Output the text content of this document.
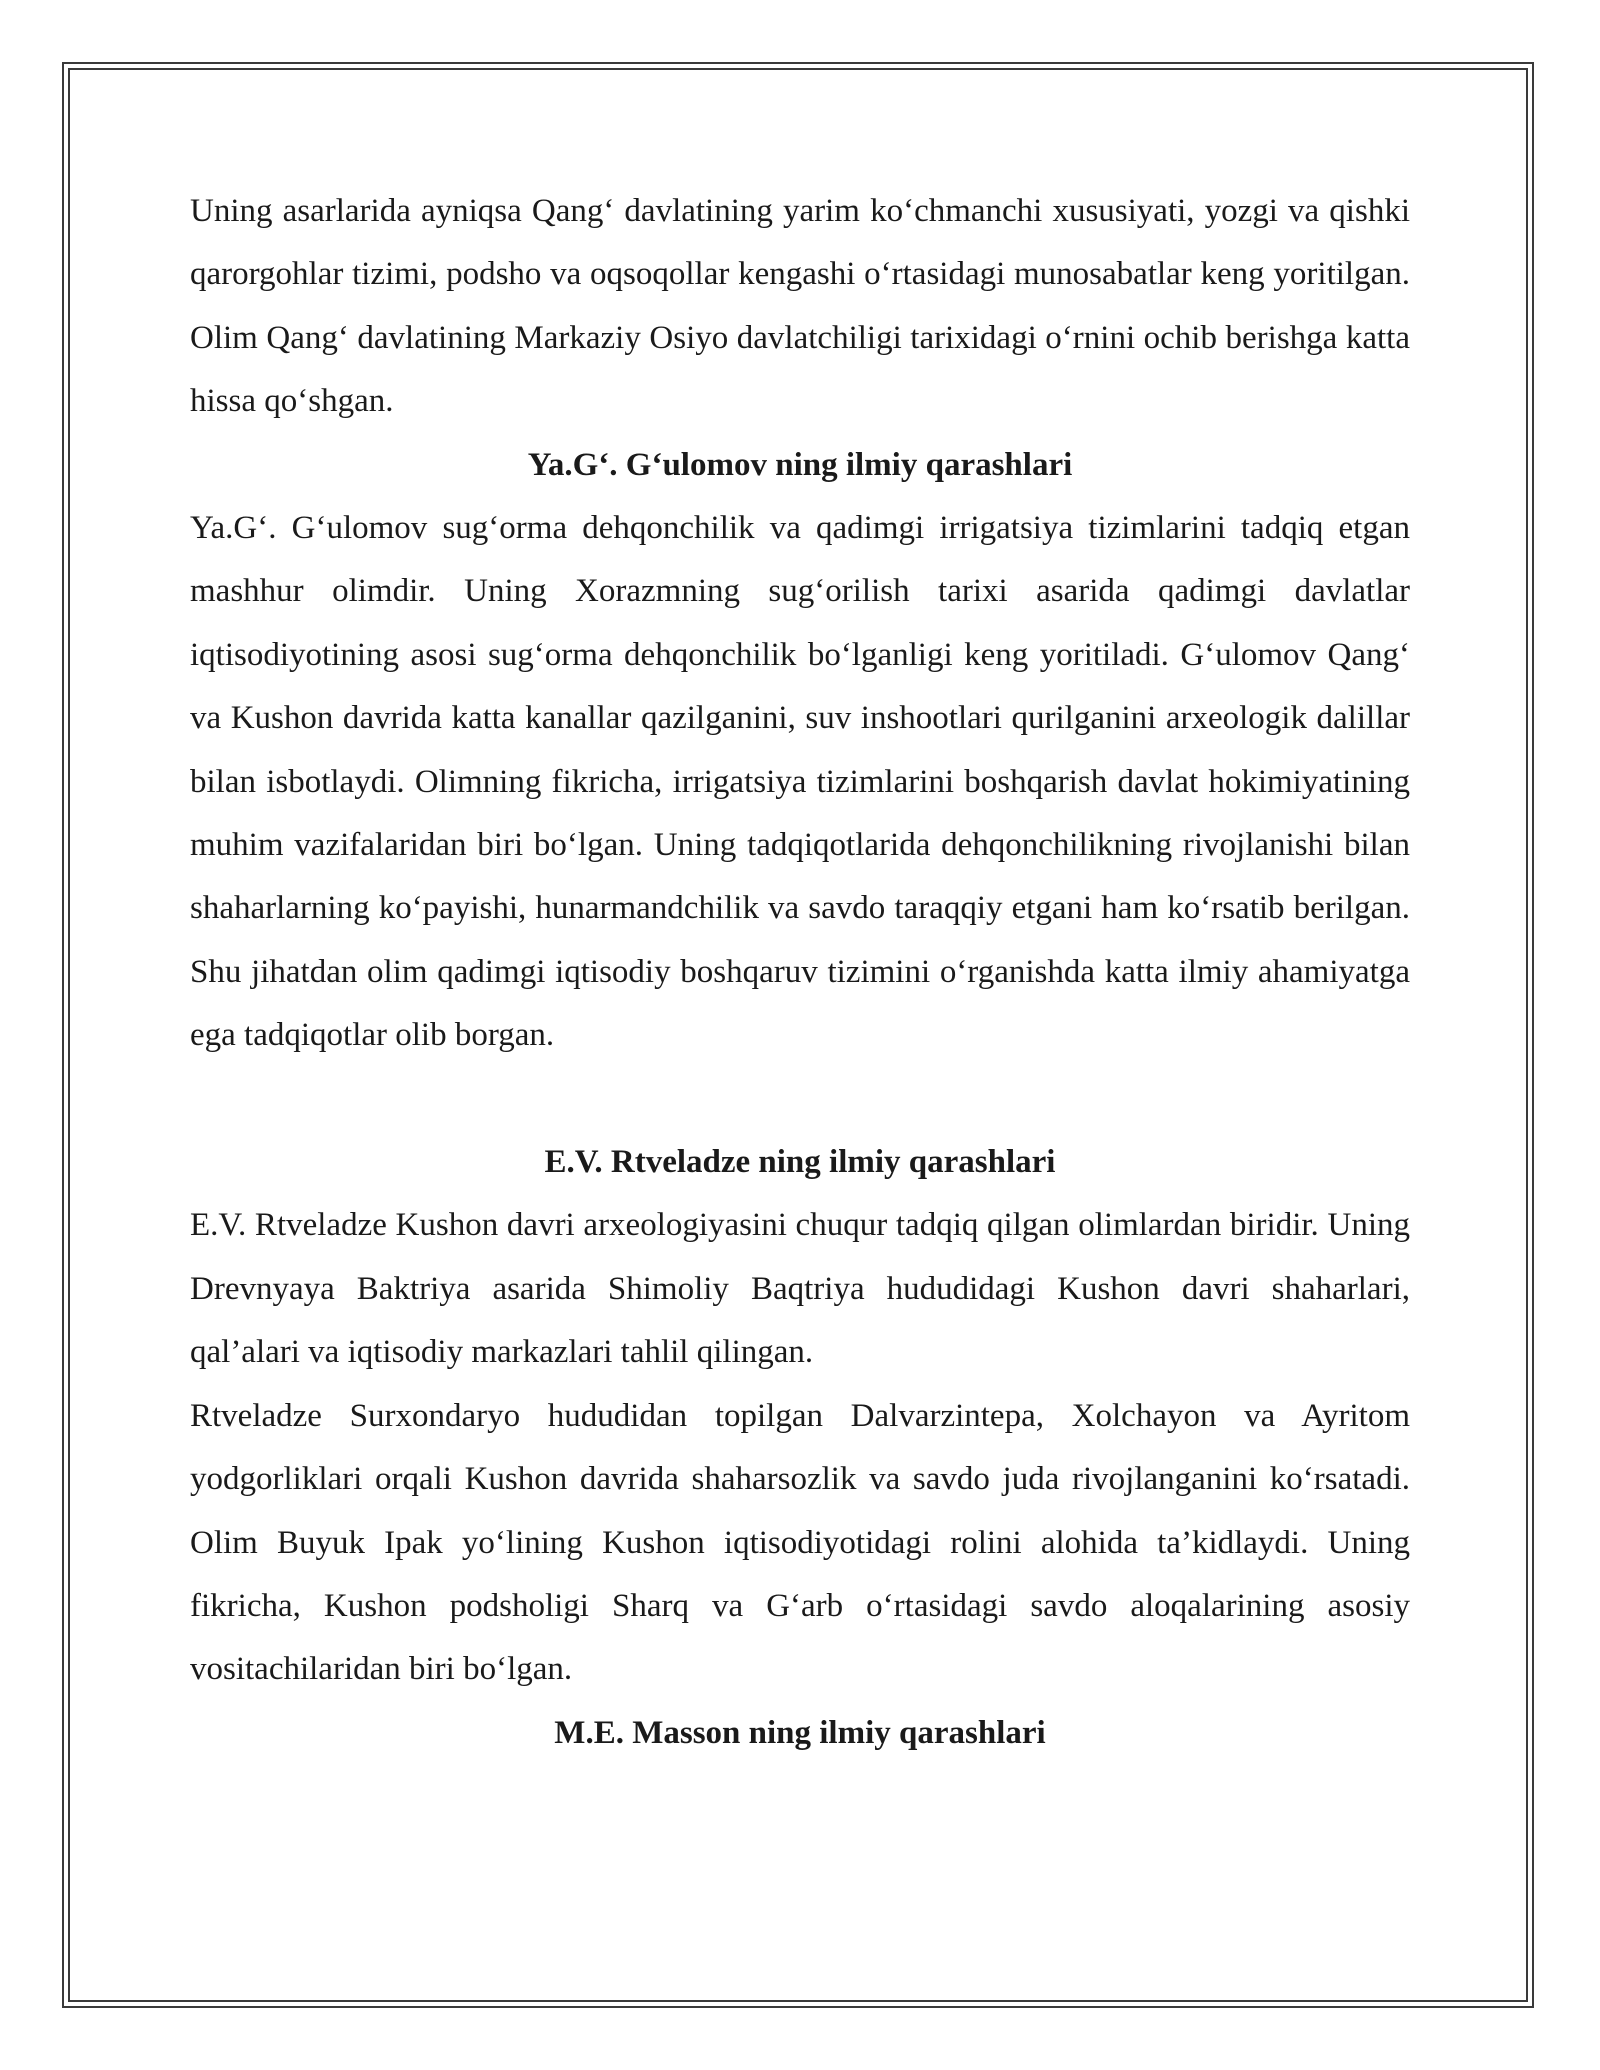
Uning asarlarida ayniqsa Qang‘ davlatining yarim ko‘chmanchi xususiyati, yozgi va qishki qarorgohlar tizimi, podsho va oqsoqollar kengashi o‘rtasidagi munosabatlar keng yoritilgan. Olim Qang‘ davlatining Markaziy Osiyo davlatchiligi tarixidagi o‘rnini ochib berishga katta hissa qo‘shgan.

Ya.G‘. G‘ulomov ning ilmiy qarashlari

Ya.G‘. G‘ulomov sug‘orma dehqonchilik va qadimgi irrigatsiya tizimlarini tadqiq etgan mashhur olimdir. Uning Xorazmning sug‘orilish tarixi asarida qadimgi davlatlar iqtisodiyotining asosi sug‘orma dehqonchilik bo‘lganligi keng yoritiladi. G‘ulomov Qang‘ va Kushon davrida katta kanallar qazilganini, suv inshootlari qurilganini arxeologik dalillar bilan isbotlaydi. Olimning fikricha, irrigatsiya tizimlarini boshqarish davlat hokimiyatining muhim vazifalaridan biri bo‘lgan. Uning tadqiqotlarida dehqonchilikning rivojlanishi bilan shaharlarning ko‘payishi, hunarmandchilik va savdo taraqqiy etgani ham ko‘rsatib berilgan. Shu jihatdan olim qadimgi iqtisodiy boshqaruv tizimini o‘rganishda katta ilmiy ahamiyatga ega tadqiqotlar olib borgan.

E.V. Rtveladze ning ilmiy qarashlari

E.V. Rtveladze Kushon davri arxeologiyasini chuqur tadqiq qilgan olimlardan biridir. Uning Drevnyaya Baktriya asarida Shimoliy Baqtriya hududidagi Kushon davri shaharlari, qal’alari va iqtisodiy markazlari tahlil qilingan.

Rtveladze Surxondaryo hududidan topilgan Dalvarzintepa, Xolchayon va Ayritom yodgorliklari orqali Kushon davrida shaharsozlik va savdo juda rivojlanganini ko‘rsatadi. Olim Buyuk Ipak yo‘lining Kushon iqtisodiyotidagi rolini alohida ta’kidlaydi. Uning fikricha, Kushon podsholigi Sharq va G‘arb o‘rtasidagi savdo aloqalarining asosiy vositachilaridan biri bo‘lgan.

M.E. Masson ning ilmiy qarashlari
